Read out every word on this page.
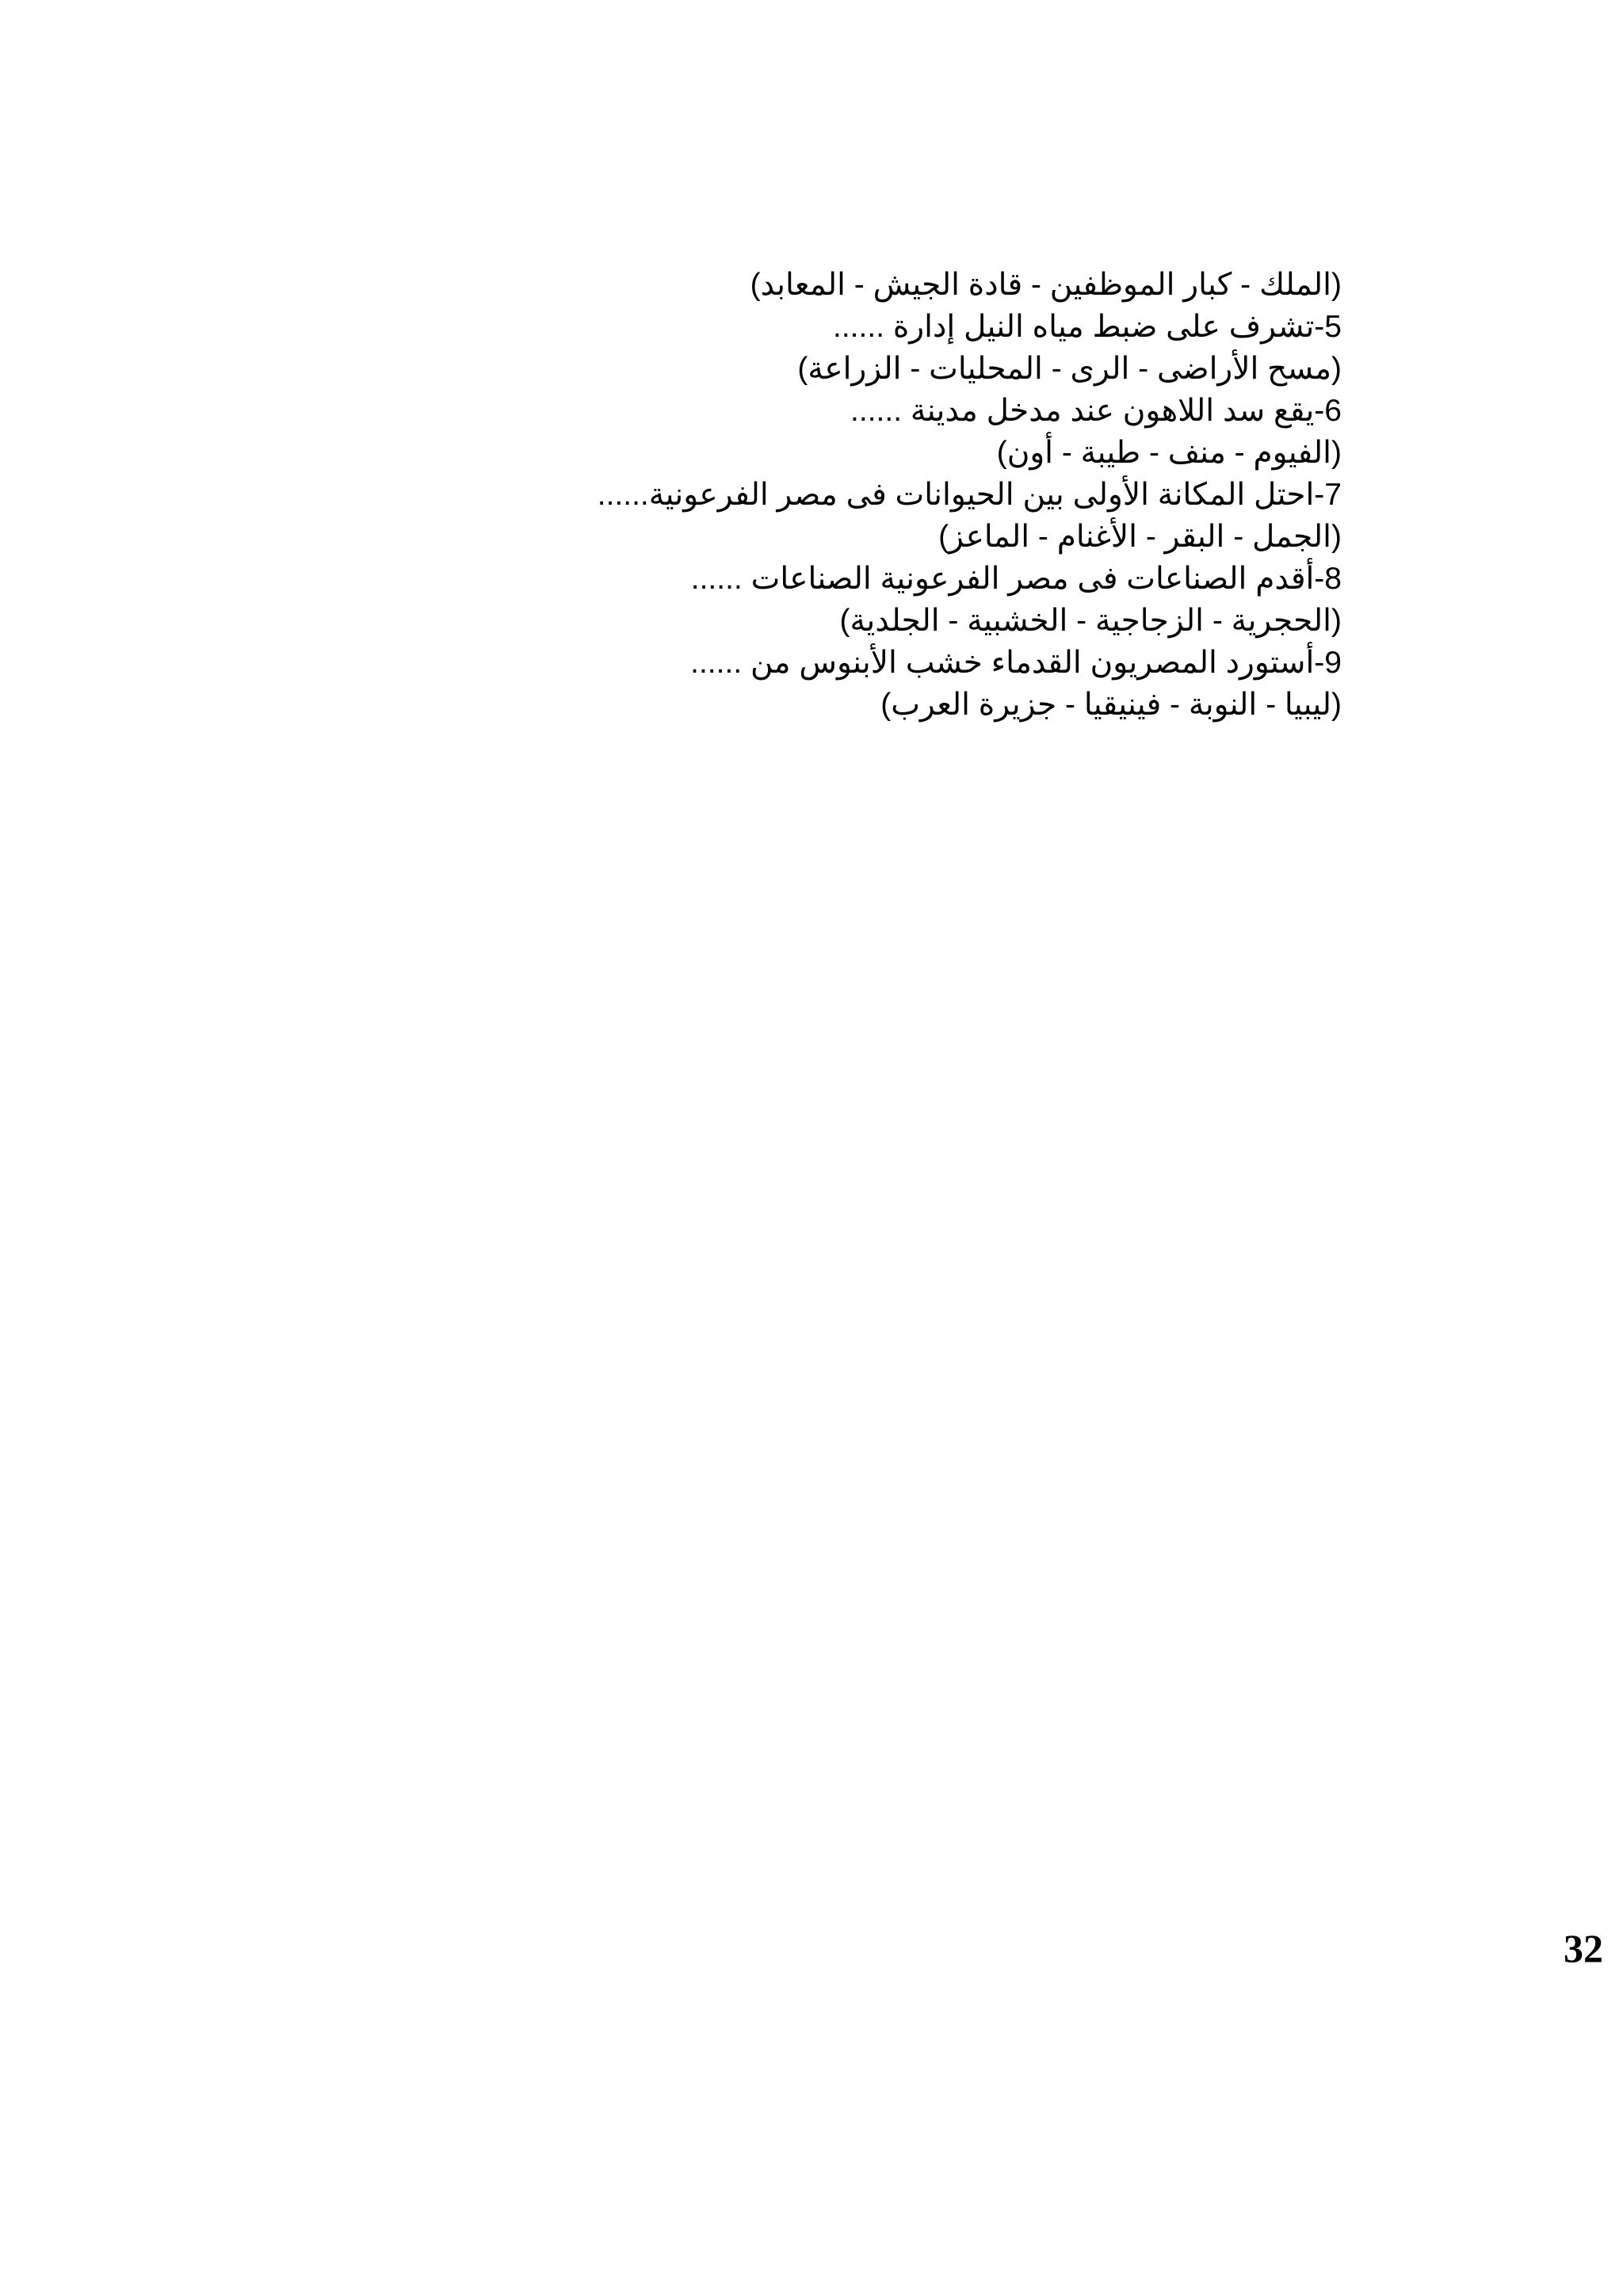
(الملك - كبار الموظفين - قادة الجيش - المعابد)
5-تشرف على ضبط مياه النيل إدارة ......
(مسح الأراضى - الرى - المحليات - الزراعة)
6-يقع سد اللاهون عند مدخل مدينة ......
(الفيوم - منف - طيبة - أون)
7-احتل المكانة الأولى بين الحيوانات فى مصر الفرعونية......
(الجمل - البقر - الأغنام - الماعز)
8-أقدم الصناعات فى مصر الفرعونية الصناعات ......
(الحجرية - الزجاجية - الخشبية - الجلدية)
9-أستورد المصريون القدماء خشب الأبنوس من ......
(ليبيا - النوبة - فينيقيا - جزيرة العرب)
32
